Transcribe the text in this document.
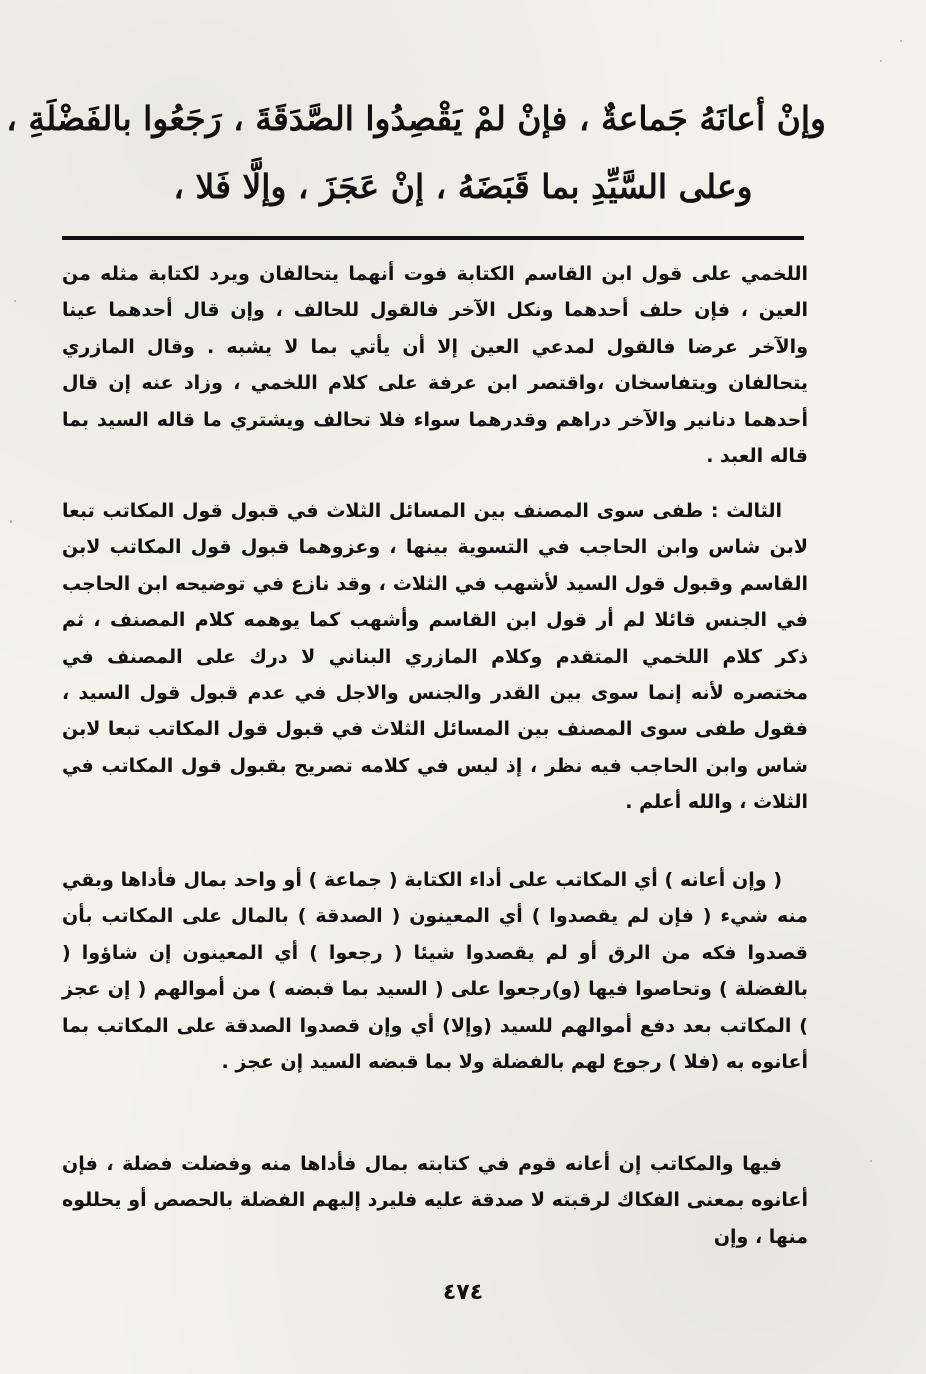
وإنْ أعانَهُ جَماعةٌ ، فإنْ لمْ يَقْصِدُوا الصَّدَقَةَ ، رَجَعُوا بالفَضْلَةِ ،
وعلى السَّيِّدِ بما قَبَضَهُ ، إنْ عَجَزَ ، وإلَّا فَلا ،

اللخمي على قول ابن القاسم الكتابة فوت أنهما يتحالفان ويرد لكتابة مثله من العين ، فإن حلف أحدهما ونكل الآخر فالقول للحالف ، وإن قال أحدهما عينا والآخر عرضا فالقول لمدعي العين إلا أن يأتي بما لا يشبه . وقال المازري يتحالفان ويتفاسخان ،واقتصر ابن عرفة على كلام اللخمي ، وزاد عنه إن قال أحدهما دنانير والآخر دراهم وقدرهما سواء فلا تحالف ويشتري ما قاله السيد بما قاله العبد .

الثالث : طفى سوى المصنف بين المسائل الثلاث في قبول قول المكاتب تبعا لابن شاس وابن الحاجب في التسوية بينها ، وعزوهما قبول قول المكاتب لابن القاسم وقبول قول السيد لأشهب في الثلاث ، وقد نازع في توضيحه ابن الحاجب في الجنس قائلا لم أر قول ابن القاسم وأشهب كما يوهمه كلام المصنف ، ثم ذكر كلام اللخمي المتقدم وكلام المازري البناني لا درك على المصنف في مختصره لأنه إنما سوى بين القدر والجنس والاجل في عدم قبول قول السيد ، فقول طفى سوى المصنف بين المسائل الثلاث في قبول قول المكاتب تبعا لابن شاس وابن الحاجب فيه نظر ، إذ ليس في كلامه تصريح بقبول قول المكاتب في الثلاث ، والله أعلم .

( وإن أعانه ) أي المكاتب على أداء الكتابة ( جماعة ) أو واحد بمال فأداها وبقي منه شيء ( فإن لم يقصدوا ) أي المعينون ( الصدقة ) بالمال على المكاتب بأن قصدوا فكه من الرق أو لم يقصدوا شيئا ( رجعوا ) أي المعينون إن شاؤوا ( بالفضلة ) وتحاصوا فيها (و)رجعوا على ( السيد بما قبضه ) من أموالهم ( إن عجز ) المكاتب بعد دفع أموالهم للسيد (وإلا) أي وإن قصدوا الصدقة على المكاتب بما أعانوه به (فلا ) رجوع لهم بالفضلة ولا بما قبضه السيد إن عجز .

فيها والمكاتب إن أعانه قوم في كتابته بمال فأداها منه وفضلت فضلة ، فإن أعانوه بمعنى الفكاك لرقبته لا صدقة عليه فليرد إليهم الفضلة بالحصص أو يحللوه منها ، وإن

٤٧٤
